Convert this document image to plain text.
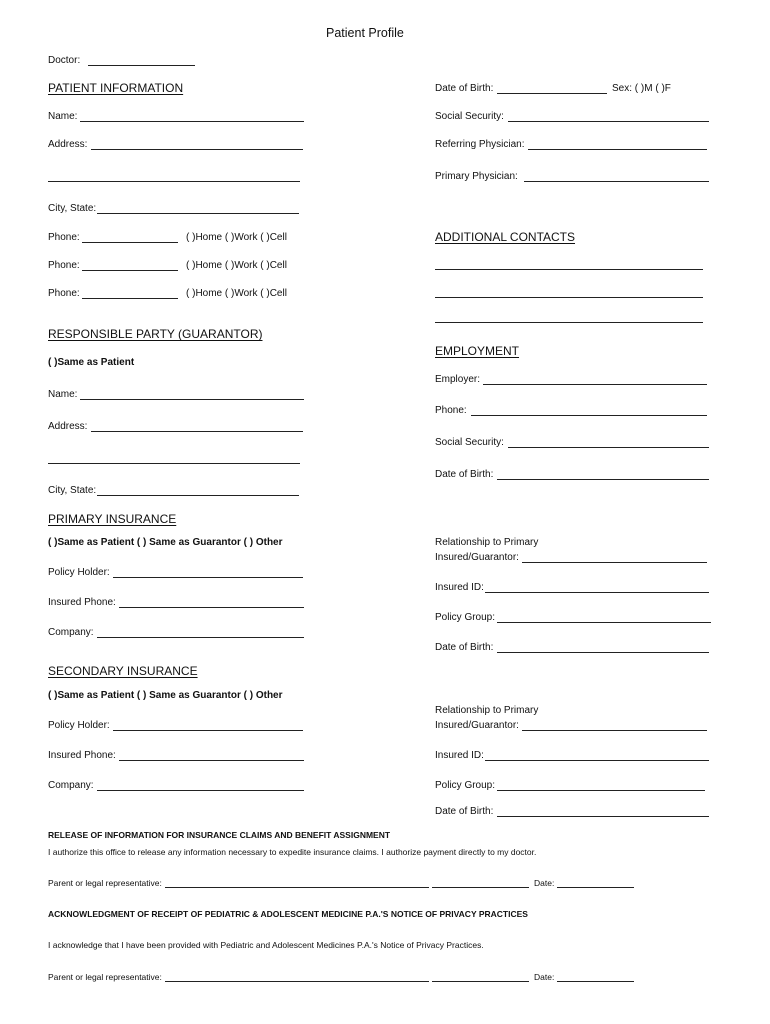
Patient Profile
Doctor:
PATIENT INFORMATION
Name:
Address:
City, State:
Phone:	( )Home ( )Work ( )Cell
Phone:	( )Home ( )Work ( )Cell
Phone:	( )Home ( )Work ( )Cell
Date of Birth:	Sex: ( )M ( )F
Social Security:
Referring Physician:
Primary Physician:
ADDITIONAL CONTACTS
RESPONSIBLE PARTY (GUARANTOR)
( )Same as Patient
Name:
Address:
City, State:
EMPLOYMENT
Employer:
Phone:
Social Security:
Date of Birth:
PRIMARY INSURANCE
( )Same as Patient ( ) Same as Guarantor ( ) Other
Policy Holder:
Insured Phone:
Company:
Relationship to Primary
Insured/Guarantor:
Insured ID:
Policy Group:
Date of Birth:
SECONDARY INSURANCE
( )Same as Patient ( ) Same as Guarantor ( ) Other
Policy Holder:
Insured Phone:
Company:
Relationship to Primary
Insured/Guarantor:
Insured ID:
Policy Group:
Date of Birth:
RELEASE OF INFORMATION FOR INSURANCE CLAIMS AND BENEFIT ASSIGNMENT
I authorize this office to release any information necessary to expedite insurance claims. I authorize payment directly to my doctor.
Parent or legal representative:	Date:
ACKNOWLEDGMENT OF RECEIPT OF PEDIATRIC & ADOLESCENT MEDICINE P.A.'S NOTICE OF PRIVACY PRACTICES
I acknowledge that I have been provided with Pediatric and Adolescent Medicines P.A.'s Notice of Privacy Practices.
Parent or legal representative:	Date:
